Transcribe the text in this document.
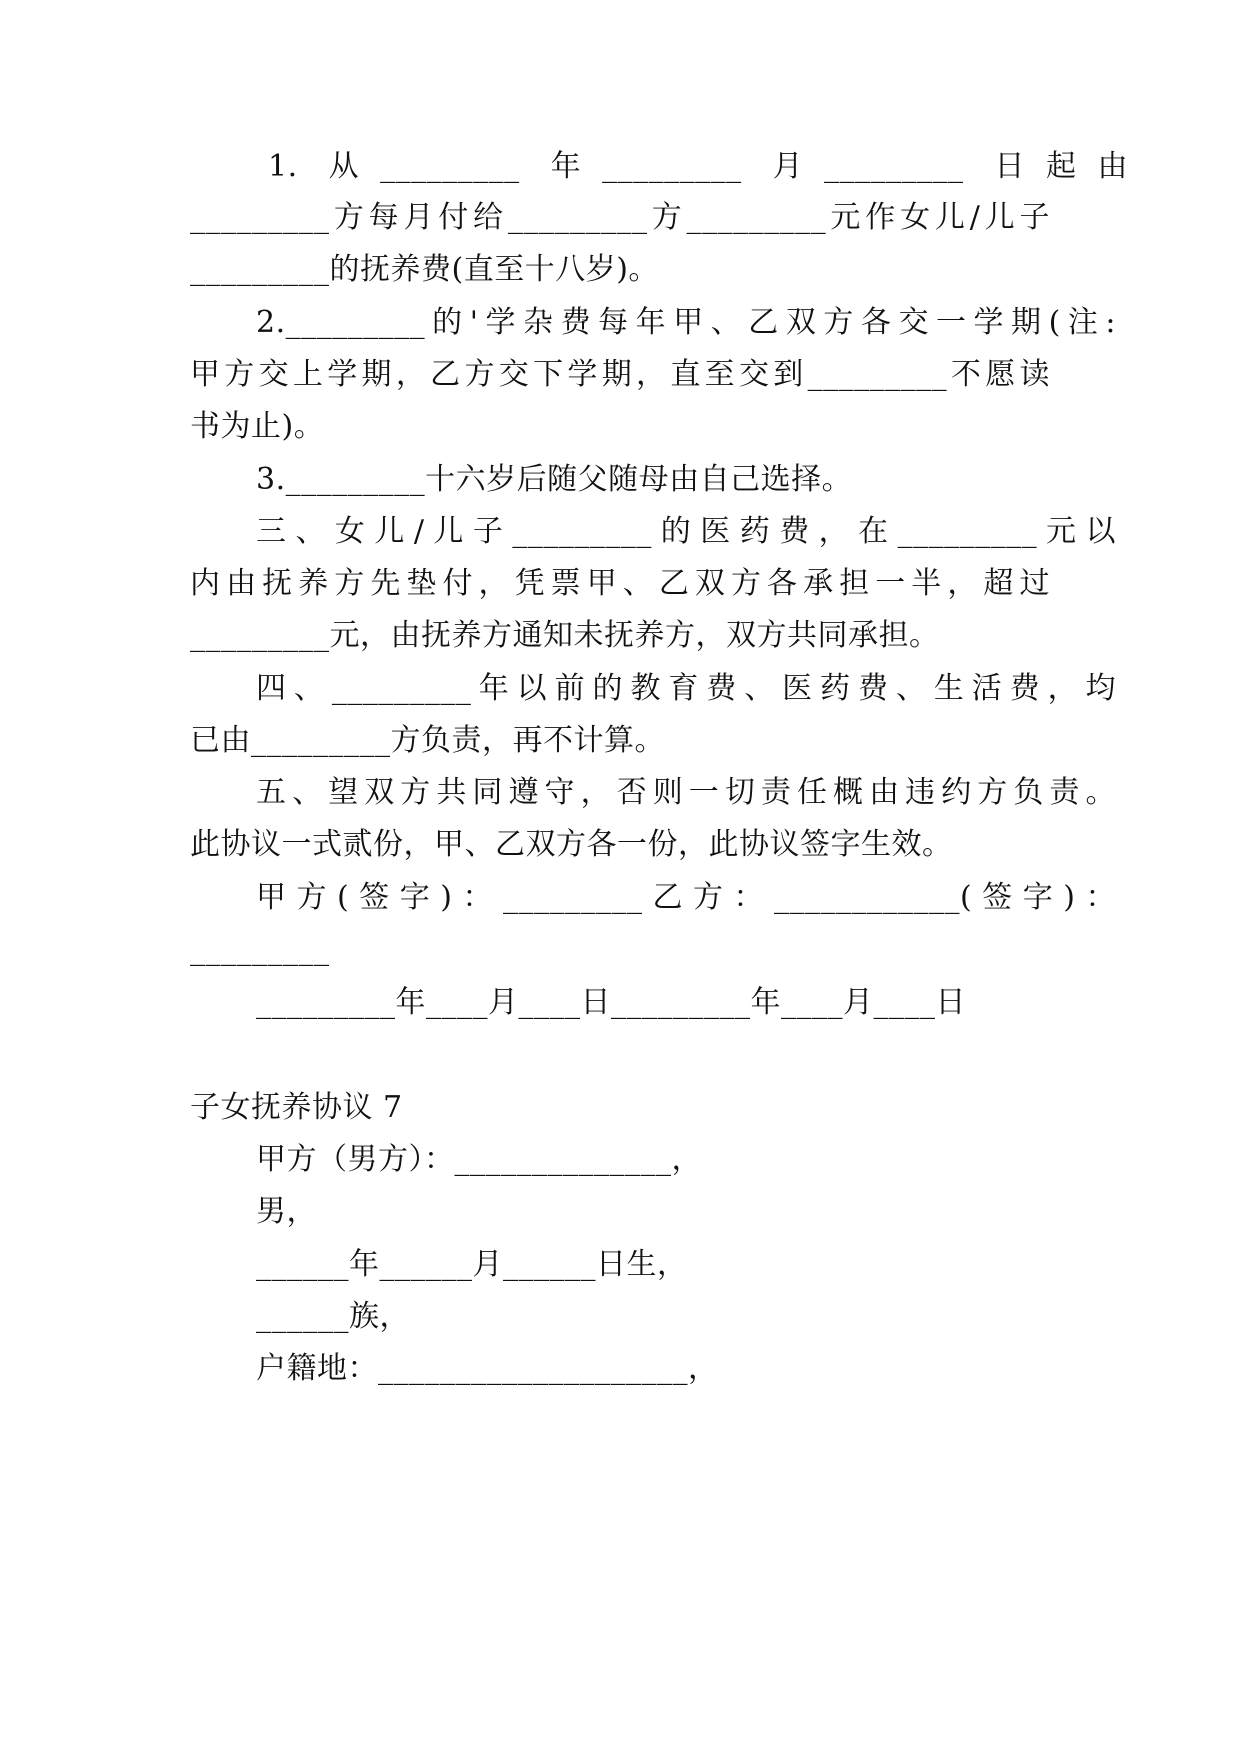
1. 从_________ 年_________ 月_________ 日起由
_________方每月付给_________方_________元作女儿/儿子
_________的抚养费(直至十八岁)。
2._________的'学杂费每年甲、乙双方各交一学期(注:
甲方交上学期，乙方交下学期，直至交到_________不愿读
书为止)。
3._________十六岁后随父随母由自己选择。
三、女儿/儿子_________的医药费，在_________元以
内由抚养方先垫付，凭票甲、乙双方各承担一半，超过
_________元，由抚养方通知未抚养方，双方共同承担。
四、_________年以前的教育费、医药费、生活费，均
已由_________方负责，再不计算。
五、望双方共同遵守，否则一切责任概由违约方负责。
此协议一式贰份，甲、乙双方各一份，此协议签字生效。
甲方(签字)：_________乙方：____________(签字)：
_________
_________年____月____日_________年____月____日
子女抚养协议 7
甲方（男方）：______________，
男，
______年______月______日生，
______族，
户籍地：____________________，
